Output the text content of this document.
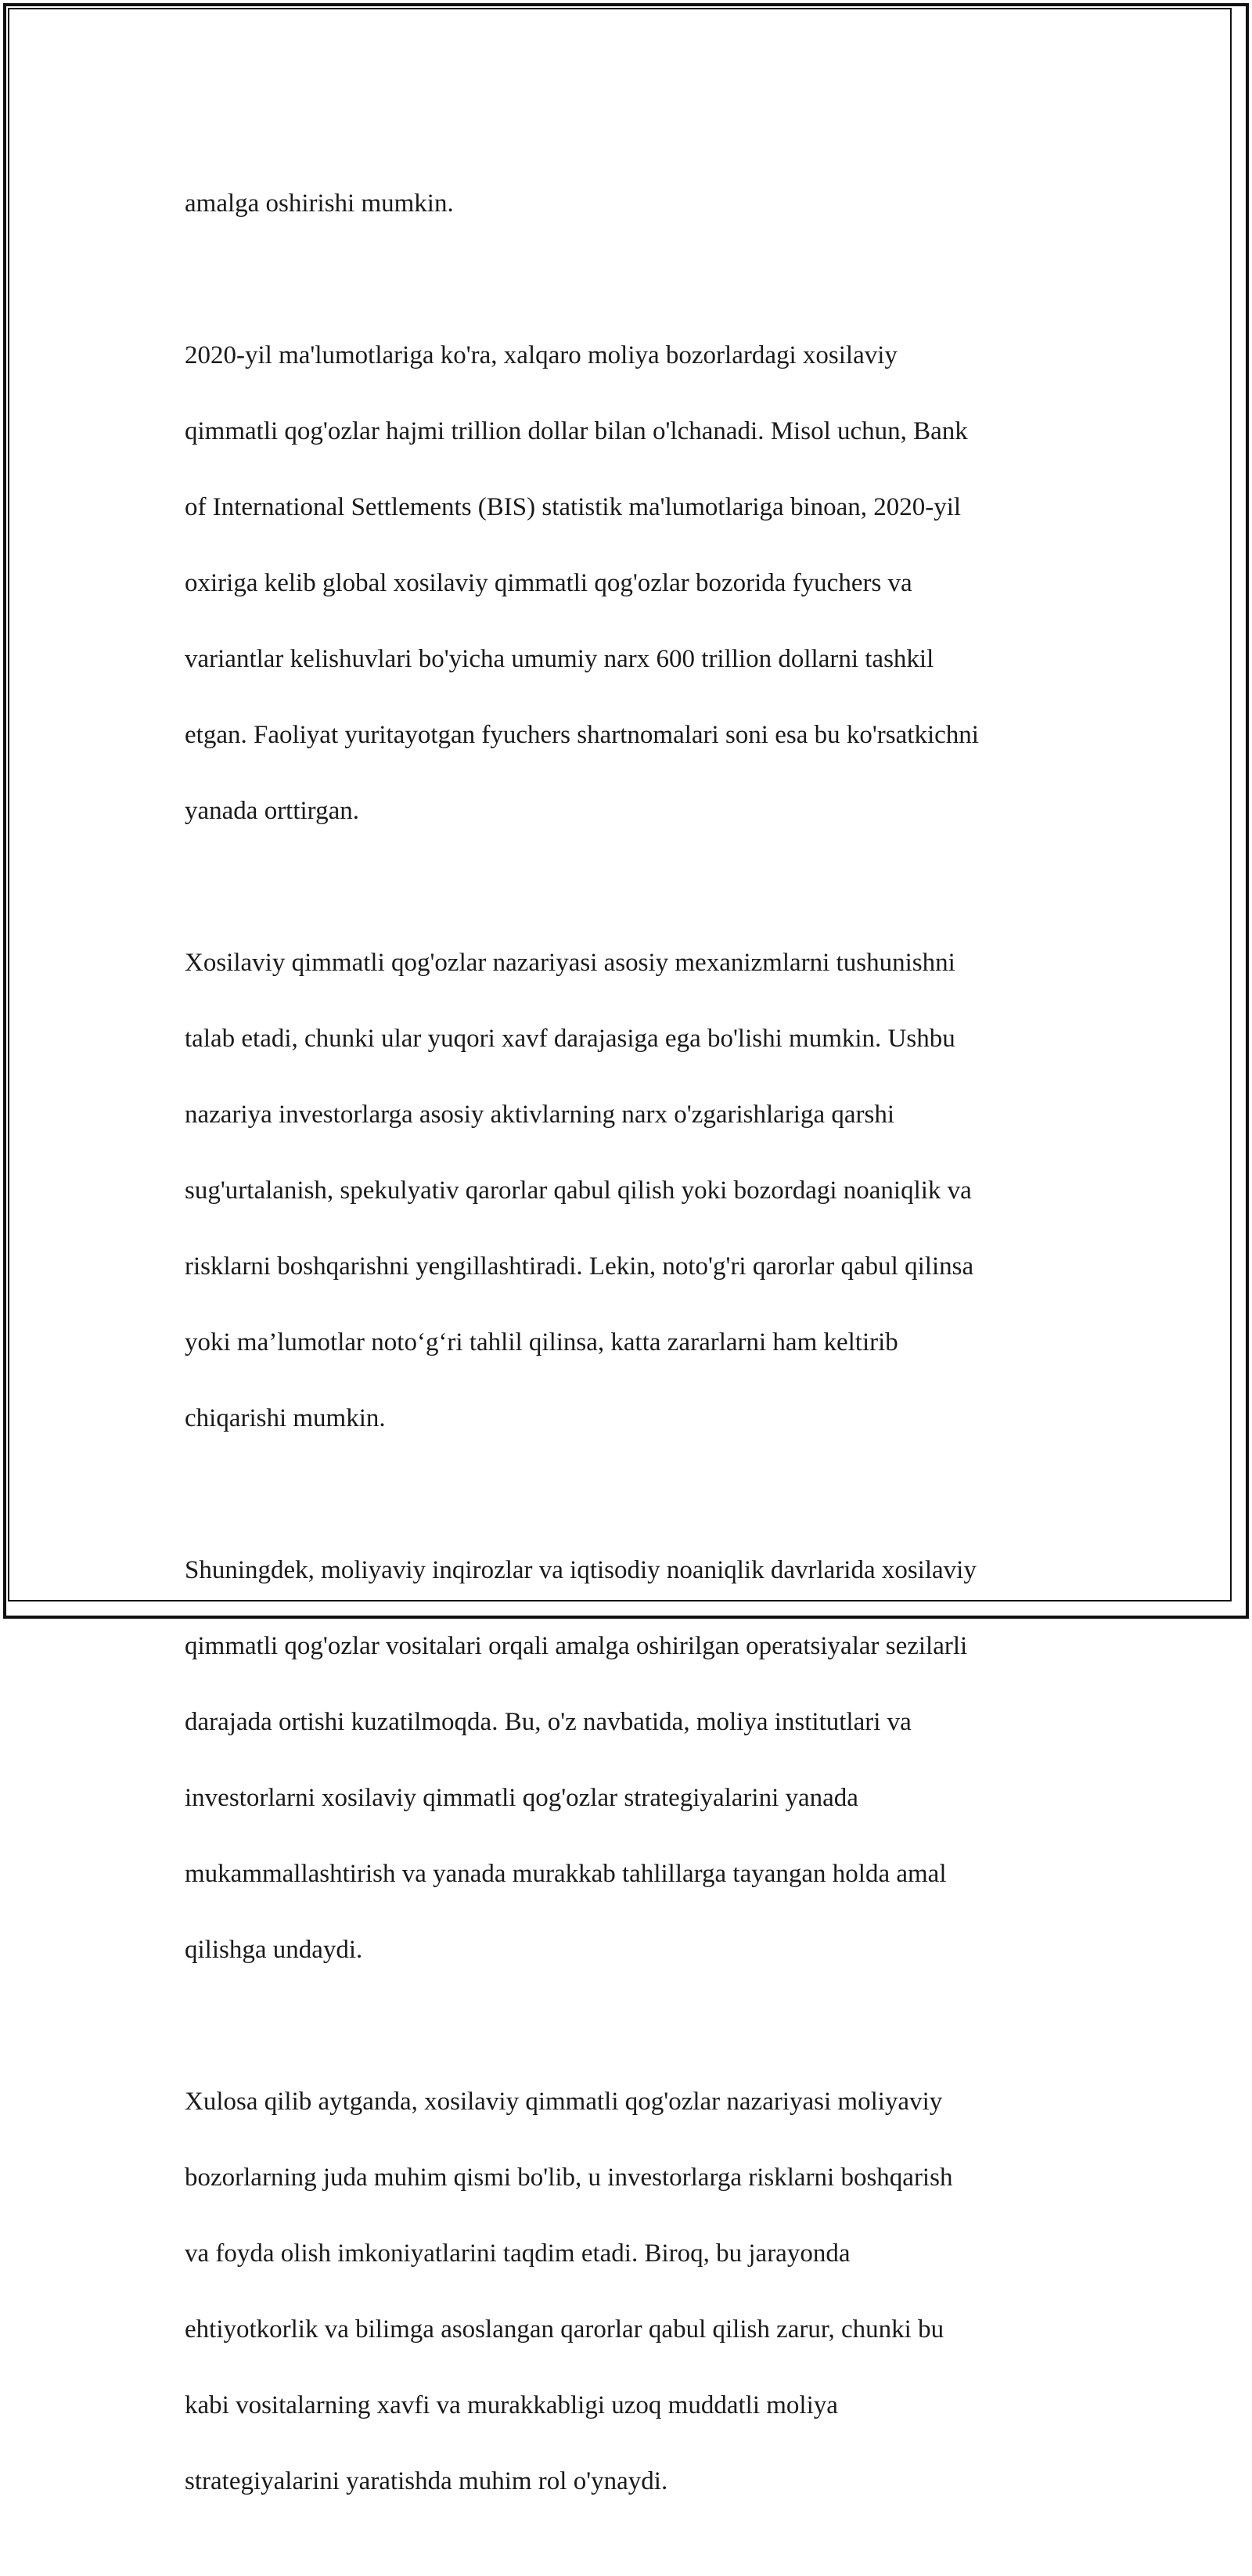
amalga oshirishi mumkin.

2020-yil ma'lumotlariga ko'ra, xalqaro moliya bozorlardagi xosilaviy

qimmatli qog'ozlar hajmi trillion dollar bilan o'lchanadi. Misol uchun, Bank

of International Settlements (BIS) statistik ma'lumotlariga binoan, 2020-yil

oxiriga kelib global xosilaviy qimmatli qog'ozlar bozorida fyuchers va

variantlar kelishuvlari bo'yicha umumiy narx 600 trillion dollarni tashkil

etgan. Faoliyat yuritayotgan fyuchers shartnomalari soni esa bu ko'rsatkichni

yanada orttirgan.

Xosilaviy qimmatli qog'ozlar nazariyasi asosiy mexanizmlarni tushunishni

talab etadi, chunki ular yuqori xavf darajasiga ega bo'lishi mumkin. Ushbu

nazariya investorlarga asosiy aktivlarning narx o'zgarishlariga qarshi

sug'urtalanish, spekulyativ qarorlar qabul qilish yoki bozordagi noaniqlik va

risklarni boshqarishni yengillashtiradi. Lekin, noto'g'ri qarorlar qabul qilinsa

yoki ma’lumotlar noto‘g‘ri tahlil qilinsa, katta zararlarni ham keltirib

chiqarishi mumkin.

Shuningdek, moliyaviy inqirozlar va iqtisodiy noaniqlik davrlarida xosilaviy

qimmatli qog'ozlar vositalari orqali amalga oshirilgan operatsiyalar sezilarli

darajada ortishi kuzatilmoqda. Bu, o'z navbatida, moliya institutlari va

investorlarni xosilaviy qimmatli qog'ozlar strategiyalarini yanada

mukammallashtirish va yanada murakkab tahlillarga tayangan holda amal

qilishga undaydi.

Xulosa qilib aytganda, xosilaviy qimmatli qog'ozlar nazariyasi moliyaviy

bozorlarning juda muhim qismi bo'lib, u investorlarga risklarni boshqarish

va foyda olish imkoniyatlarini taqdim etadi. Biroq, bu jarayonda

ehtiyotkorlik va bilimga asoslangan qarorlar qabul qilish zarur, chunki bu

kabi vositalarning xavfi va murakkabligi uzoq muddatli moliya

strategiyalarini yaratishda muhim rol o'ynaydi.
